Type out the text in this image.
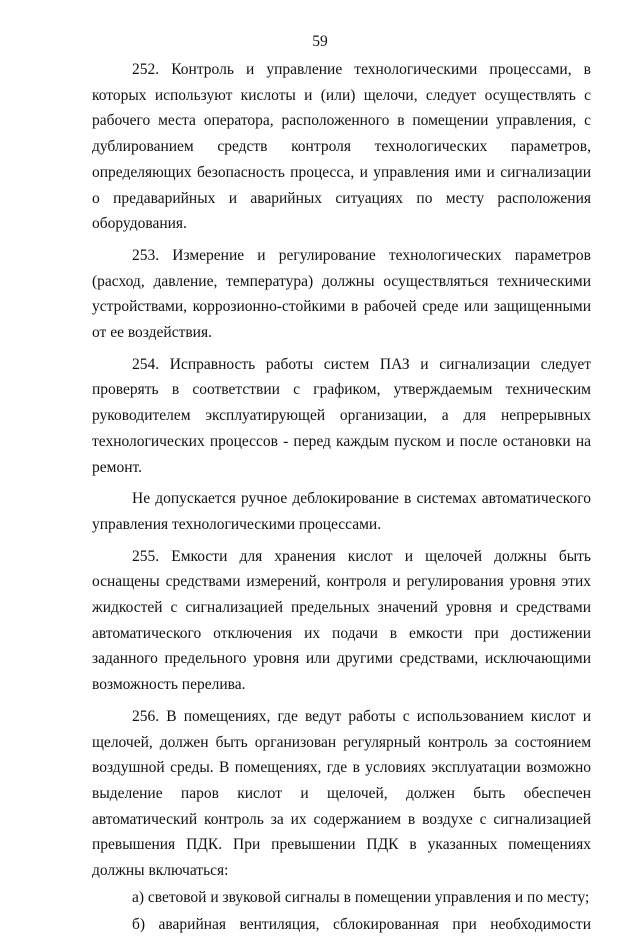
59

252. Контроль и управление технологическими процессами, в которых используют кислоты и (или) щелочи, следует осуществлять с рабочего места оператора, расположенного в помещении управления, с дублированием средств контроля технологических параметров, определяющих безопасность процесса, и управления ими и сигнализации о предаварийных и аварийных ситуациях по месту расположения оборудования.

253. Измерение и регулирование технологических параметров (расход, давление, температура) должны осуществляться техническими устройствами, коррозионно-стойкими в рабочей среде или защищенными от ее воздействия.

254. Исправность работы систем ПАЗ и сигнализации следует проверять в соответствии с графиком, утверждаемым техническим руководителем эксплуатирующей организации, а для непрерывных технологических процессов - перед каждым пуском и после остановки на ремонт.

Не допускается ручное деблокирование в системах автоматического управления технологическими процессами.

255. Емкости для хранения кислот и щелочей должны быть оснащены средствами измерений, контроля и регулирования уровня этих жидкостей с сигнализацией предельных значений уровня и средствами автоматического отключения их подачи в емкости при достижении заданного предельного уровня или другими средствами, исключающими возможность перелива.

256. В помещениях, где ведут работы с использованием кислот и щелочей, должен быть организован регулярный контроль за состоянием воздушной среды. В помещениях, где в условиях эксплуатации возможно выделение паров кислот и щелочей, должен быть обеспечен автоматический контроль за их содержанием в воздухе с сигнализацией превышения ПДК. При превышении ПДК в указанных помещениях должны включаться:

а) световой и звуковой сигналы в помещении управления и по месту;

б) аварийная вентиляция, сблокированная при необходимости
